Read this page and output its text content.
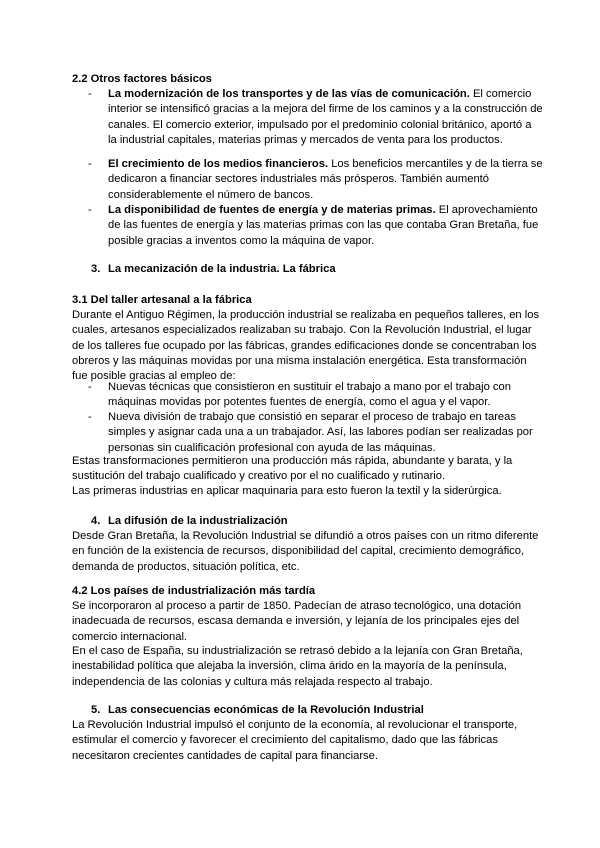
2.2 Otros factores básicos

- La modernización de los transportes y de las vías de comunicación. El comercio interior se intensificó gracias a la mejora del firme de los caminos y a la construcción de canales. El comercio exterior, impulsado por el predominio colonial británico, aportó a la industrial capitales, materias primas y mercados de venta para los productos.
- El crecimiento de los medios financieros. Los beneficios mercantiles y de la tierra se dedicaron a financiar sectores industriales más prósperos. También aumentó considerablemente el número de bancos.
- La disponibilidad de fuentes de energía y de materias primas. El aprovechamiento de las fuentes de energía y las materias primas con las que contaba Gran Bretaña, fue posible gracias a inventos como la máquina de vapor.
3. La mecanización de la industria. La fábrica

3.1 Del taller artesanal a la fábrica

Durante el Antiguo Régimen, la producción industrial se realizaba en pequeños talleres, en los cuales, artesanos especializados realizaban su trabajo. Con la Revolución Industrial, el lugar de los talleres fue ocupado por las fábricas, grandes edificaciones donde se concentraban los obreros y las máquinas movidas por una misma instalación energética. Esta transformación fue posible gracias al empleo de:

- Nuevas técnicas que consistieron en sustituir el trabajo a mano por el trabajo con máquinas movidas por potentes fuentes de energía, como el agua y el vapor.
- Nueva división de trabajo que consistió en separar el proceso de trabajo en tareas simples y asignar cada una a un trabajador. Así, las labores podían ser realizadas por personas sin cualificación profesional con ayuda de las máquinas.

Estas transformaciones permitieron una producción más rápida, abundante y barata, y la sustitución del trabajo cualificado y creativo por el no cualificado y rutinario.

Las primeras industrias en aplicar maquinaria para esto fueron la textil y la siderúrgica.

4. La difusión de la industrialización

Desde Gran Bretaña, la Revolución Industrial se difundió a otros países con un ritmo diferente en función de la existencia de recursos, disponibilidad del capital, crecimiento demográfico, demanda de productos, situación política, etc.

4.2 Los países de industrialización más tardía

Se incorporaron al proceso a partir de 1850. Padecían de atraso tecnológico, una dotación inadecuada de recursos, escasa demanda e inversión, y lejanía de los principales ejes del comercio internacional.

En el caso de España, su industrialización se retrasó debido a la lejanía con Gran Bretaña, inestabilidad política que alejaba la inversión, clima árido en la mayoría de la península, independencia de las colonias y cultura más relajada respecto al trabajo.

5. Las consecuencias económicas de la Revolución Industrial

La Revolución Industrial impulsó el conjunto de la economía, al revolucionar el transporte, estimular el comercio y favorecer el crecimiento del capitalismo, dado que las fábricas necesitaron crecientes cantidades de capital para financiarse.
